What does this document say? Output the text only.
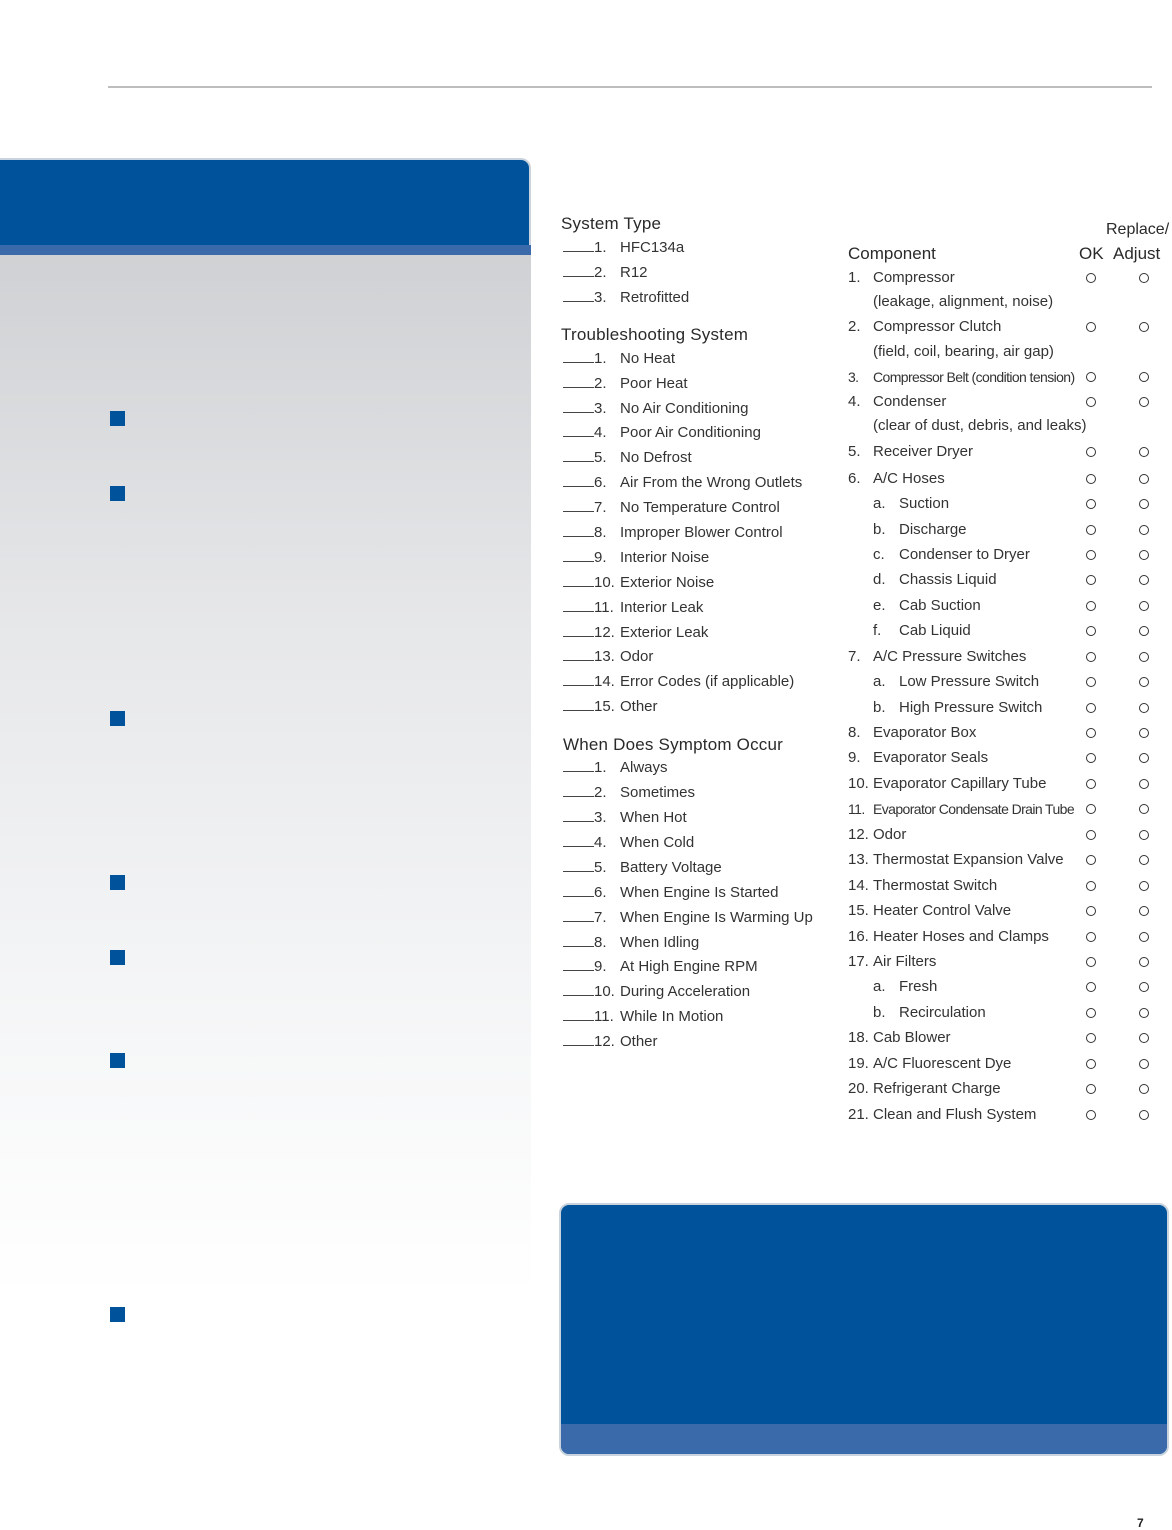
System Type
1. HFC134a
2. R12
3. Retrofitted
Troubleshooting System
1. No Heat
2. Poor Heat
3. No Air Conditioning
4. Poor Air Conditioning
5. No Defrost
6. Air From the Wrong Outlets
7. No Temperature Control
8. Improper Blower Control
9. Interior Noise
10. Exterior Noise
11. Interior Leak
12. Exterior Leak
13. Odor
14. Error Codes (if applicable)
15. Other
When Does Symptom Occur
1. Always
2. Sometimes
3. When Hot
4. When Cold
5. Battery Voltage
6. When Engine Is Started
7. When Engine Is Warming Up
8. When Idling
9. At High Engine RPM
10. During Acceleration
11. While In Motion
12. Other
Replace/
Component	OK Adjust
1. Compressor
(leakage, alignment, noise)
2. Compressor Clutch
(field, coil, bearing, air gap)
3. Compressor Belt (condition tension)
4. Condenser
(clear of dust, debris, and leaks)
5. Receiver Dryer
6. A/C Hoses
a. Suction
b. Discharge
c. Condenser to Dryer
d. Chassis Liquid
e. Cab Suction
f. Cab Liquid
7. A/C Pressure Switches
a. Low Pressure Switch
b. High Pressure Switch
8. Evaporator Box
9. Evaporator Seals
10. Evaporator Capillary Tube
11. Evaporator Condensate Drain Tube
12. Odor
13. Thermostat Expansion Valve
14. Thermostat Switch
15. Heater Control Valve
16. Heater Hoses and Clamps
17. Air Filters
a. Fresh
b. Recirculation
18. Cab Blower
19. A/C Fluorescent Dye
20. Refrigerant Charge
21. Clean and Flush System
7
